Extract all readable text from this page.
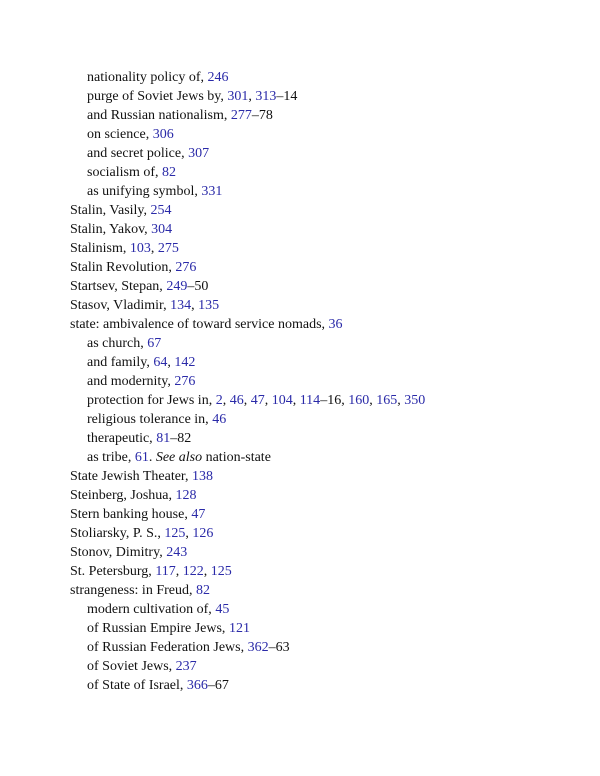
nationality policy of, 246
purge of Soviet Jews by, 301, 313–14
and Russian nationalism, 277–78
on science, 306
and secret police, 307
socialism of, 82
as unifying symbol, 331
Stalin, Vasily, 254
Stalin, Yakov, 304
Stalinism, 103, 275
Stalin Revolution, 276
Startsev, Stepan, 249–50
Stasov, Vladimir, 134, 135
state: ambivalence of toward service nomads, 36
as church, 67
and family, 64, 142
and modernity, 276
protection for Jews in, 2, 46, 47, 104, 114–16, 160, 165, 350
religious tolerance in, 46
therapeutic, 81–82
as tribe, 61. See also nation-state
State Jewish Theater, 138
Steinberg, Joshua, 128
Stern banking house, 47
Stoliarsky, P. S., 125, 126
Stonov, Dimitry, 243
St. Petersburg, 117, 122, 125
strangeness: in Freud, 82
modern cultivation of, 45
of Russian Empire Jews, 121
of Russian Federation Jews, 362–63
of Soviet Jews, 237
of State of Israel, 366–67
